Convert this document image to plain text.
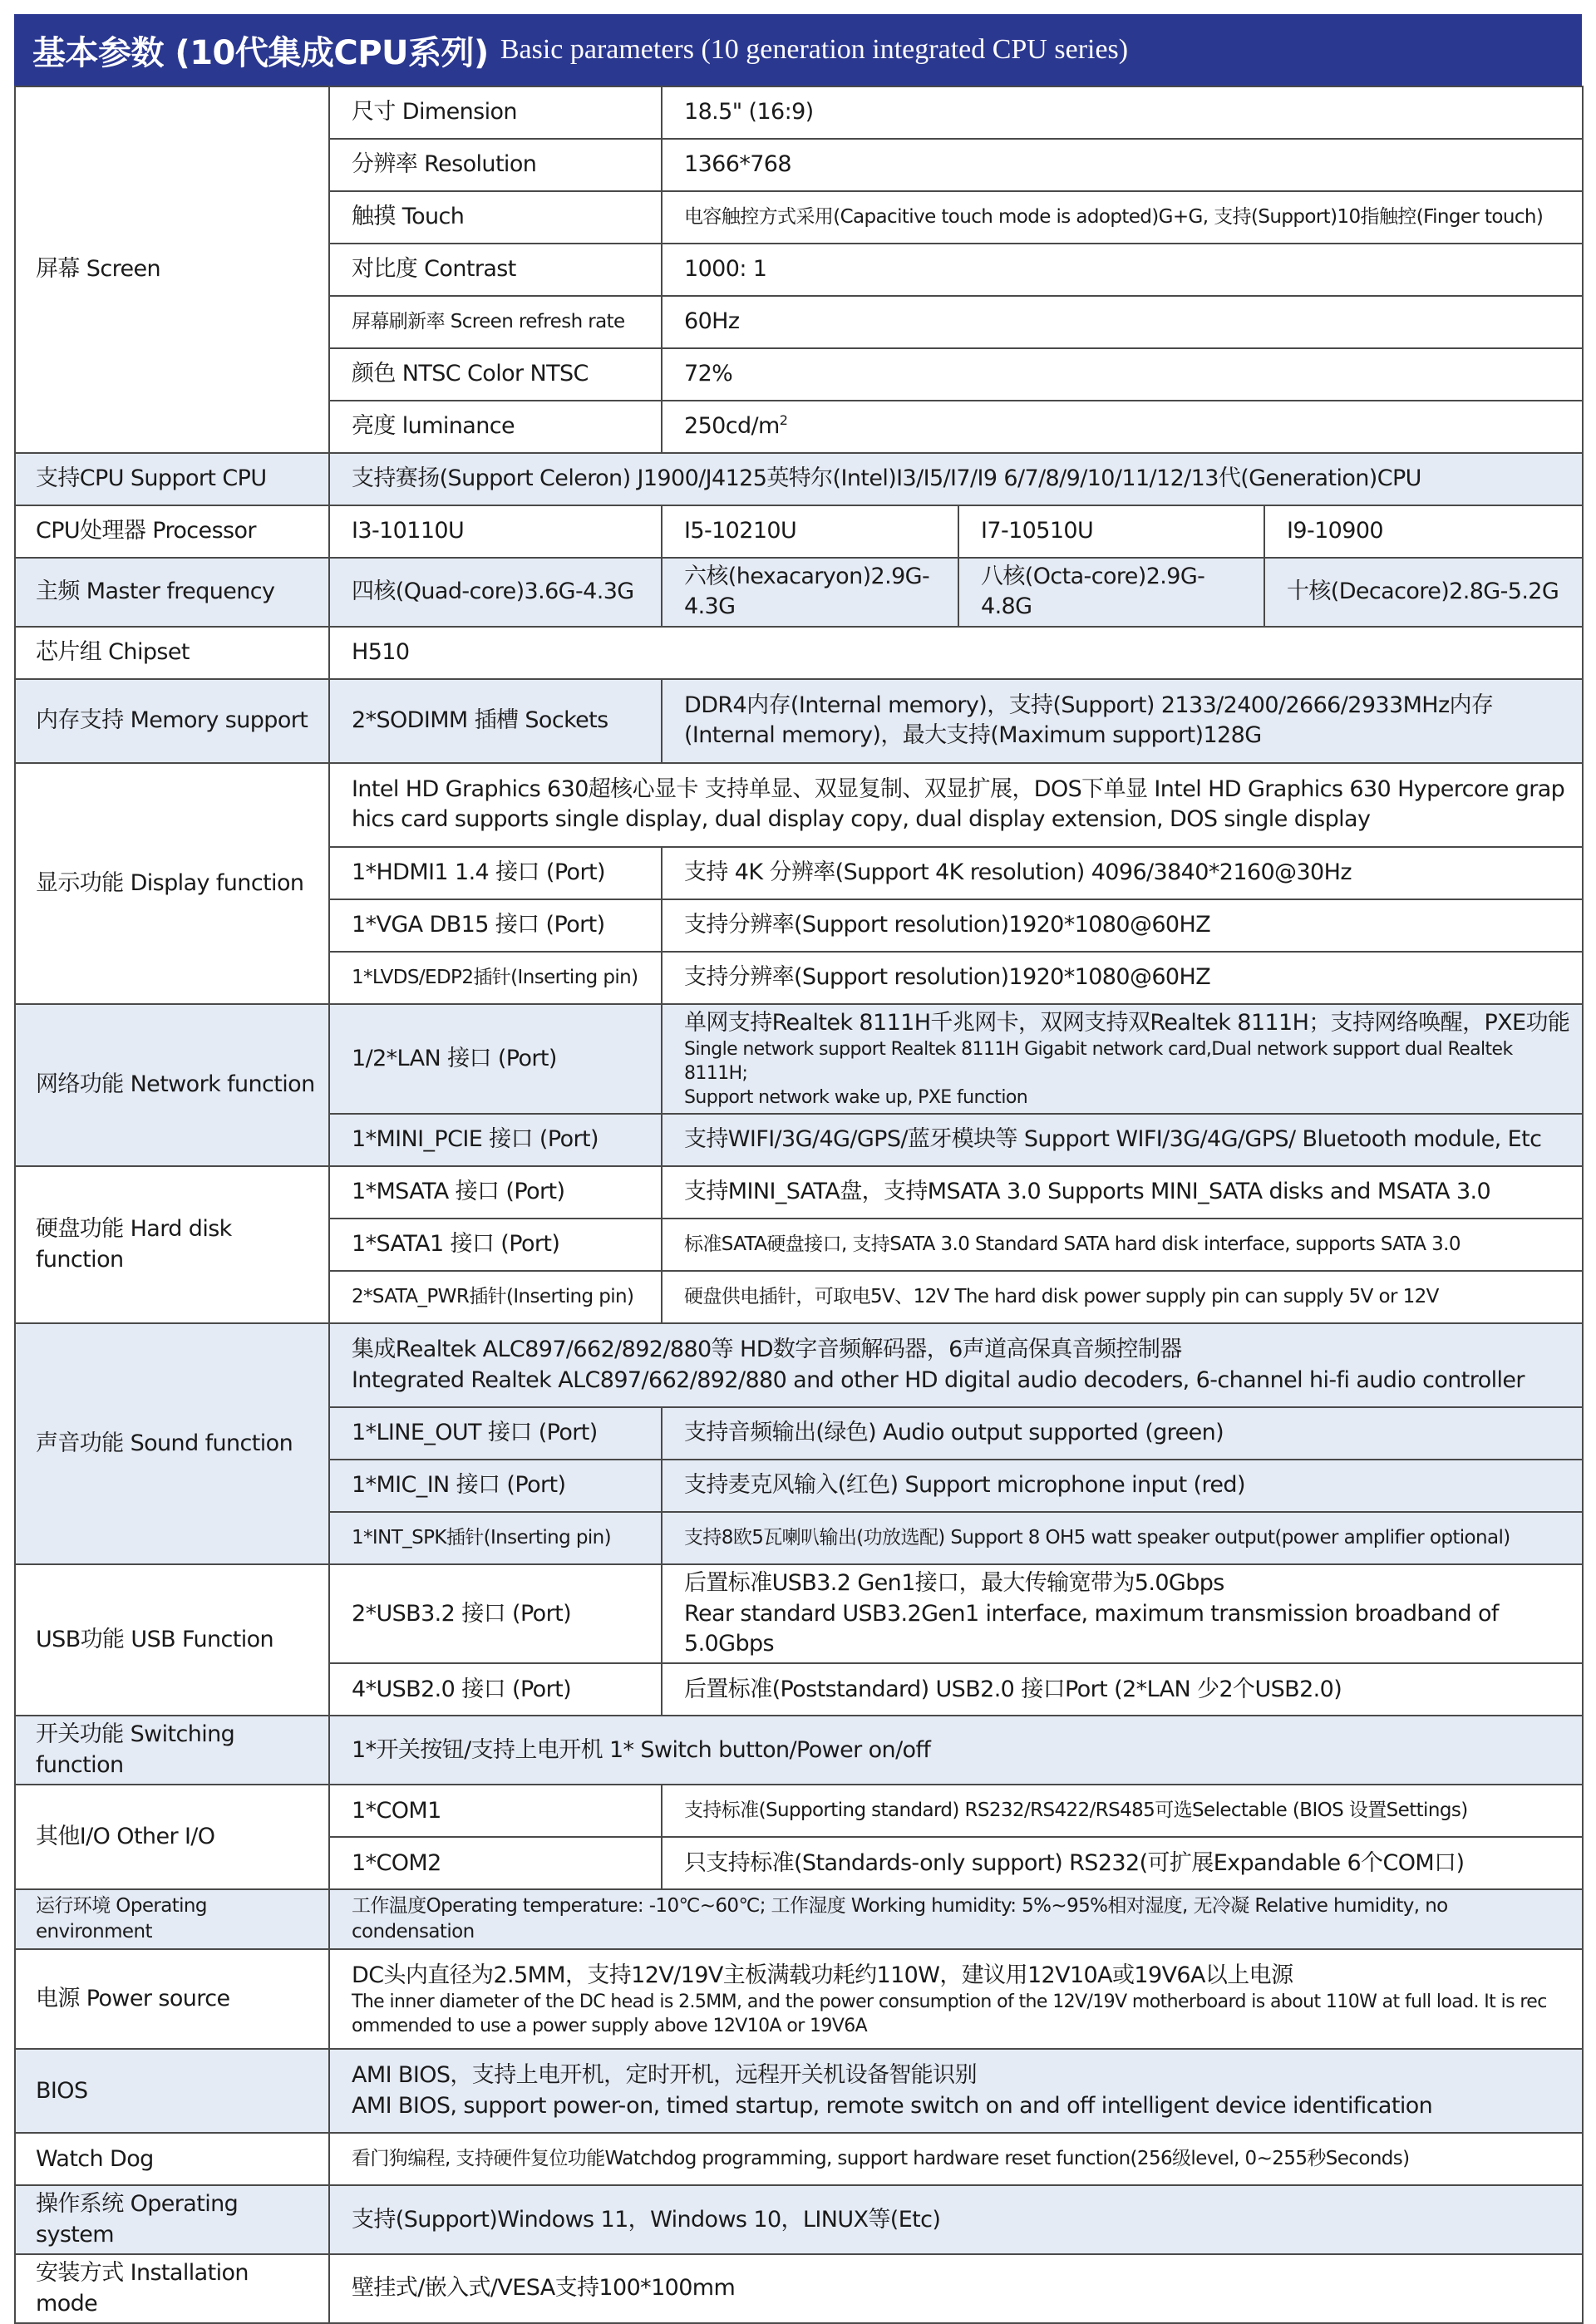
基本参数 (10代集成CPU系列) Basic parameters (10 generation integrated CPU series)
屏幕 Screen	尺寸 Dimension	18.5" (16:9)		
	分辨率 Resolution	1366*768		
	触摸 Touch	电容触控方式采用(Capacitive touch mode is adopted)G+G, 支持(Support)10指触控(Finger touch)		
	对比度 Contrast	1000: 1		
	屏幕刷新率 Screen refresh rate	60Hz		
	颜色 NTSC Color NTSC	72%		
	亮度 luminance	$250cd/m^2$
支持CPU Support CPU	支持赛扬(Support Celeron) J1900/J4125英特尔(Intel)I3/I5/I7/I9 6/7/8/9/10/11/12/13代(Generation)CPU			
CPU处理器 Processor	I3-10110U	I5-10210U	I7-10510U	I9-10900
主频 Master frequency	四核(Quad-core)3.6G-4.3G	六核(hexacaryon)2.9G-4.3G	八核(Octa-core)2.9G-4.8G	十核(Decacore)2.8G-5.2G
芯片组 Chipset	H510			
内存支持 Memory support	2*SODIMM 插槽 Sockets	DDR4内存(Internal memory)，支持(Support) 2133/2400/2666/2933MHz内存(Internal memory)，最大支持(Maximum support)128G		
显示功能 Display function	Intel HD Graphics 630超核心显卡 支持单显、双显复制、双显扩展，DOS下单显 Intel HD Graphics 630 Hypercore grap
hics card supports single display, dual display copy, dual display extension, DOS single display			

	1*HDMI1 1.4 接口 (Port)	支持 4K 分辨率(Support 4K resolution) 4096/3840*2160@30Hz		
	1*VGA DB15 接口 (Port)	支持分辨率(Support resolution)1920*1080@60HZ		
	1*LVDS/EDP2插针(Inserting pin)	支持分辨率(Support resolution)1920*1080@60HZ		
网络功能 Network function	1/2*LAN 接口 (Port)	单网支持Realtek 8111H千兆网卡，双网支持双Realtek 8111H；支持网络唤醒，PXE功能
Single network support Realtek 8111H Gigabit network card,Dual network support dual Realtek 8111H;
Support network wake up, PXE function		

	1*MINI_PCIE 接口 (Port)	支持WIFI/3G/4G/GPS/蓝牙模块等 Support WIFI/3G/4G/GPS/ Bluetooth module, Etc		
硬盘功能 Hard disk function	1*MSATA 接口 (Port)	支持MINI_SATA盘，支持MSATA 3.0 Supports MINI_SATA disks and MSATA 3.0		
	1*SATA1 接口 (Port)	标准SATA硬盘接口, 支持SATA 3.0 Standard SATA hard disk interface, supports SATA 3.0		
	2*SATA_PWR插针(Inserting pin)	硬盘供电插针，可取电5V、12V The hard disk power supply pin can supply 5V or 12V		
声音功能 Sound function	集成Realtek ALC897/662/892/880等 HD数字音频解码器，6声道高保真音频控制器
Integrated Realtek ALC897/662/892/880 and other HD digital audio decoders, 6-channel hi-fi audio controller			

	1*LINE_OUT 接口 (Port)	支持音频输出(绿色) Audio output supported (green)		
	1*MIC_IN 接口 (Port)	支持麦克风输入(红色) Support microphone input (red)		
	1*INT_SPK插针(Inserting pin)	支持8欧5瓦喇叭输出(功放选配) Support 8 OH5 watt speaker output(power amplifier optional)		
USB功能 USB Function	2*USB3.2 接口 (Port)	后置标准USB3.2 Gen1接口，最大传输宽带为5.0Gbps
Rear standard USB3.2Gen1 interface, maximum transmission broadband of 5.0Gbps		

	4*USB2.0 接口 (Port)	后置标准(Poststandard) USB2.0 接口Port (2*LAN 少2个USB2.0)		
开关功能 Switching function	1*开关按钮/支持上电开机 1* Switch button/Power on/off			
其他I/O Other I/O	1*COM1	支持标准(Supporting standard) RS232/RS422/RS485可选Selectable (BIOS 设置Settings)		
	1*COM2	只支持标准(Standards-only support) RS232(可扩展Expandable 6个COM口)		
运行环境 Operating environment	工作温度Operating temperature: -10℃~60℃; 工作湿度 Working humidity: 5%~95%相对湿度, 无冷凝 Relative humidity, no condensation			
电源 Power source	DC头内直径为2.5MM，支持12V/19V主板满载功耗约110W，建议用12V10A或19V6A以上电源
The inner diameter of the DC head is 2.5MM, and the power consumption of the 12V/19V motherboard is about 110W at full load. It is rec
ommended to use a power supply above 12V10A or 19V6A			

BIOS	AMI BIOS，支持上电开机，定时开机，远程开关机设备智能识别
AMI BIOS, support power-on, timed startup, remote switch on and off intelligent device identification			

Watch Dog	看门狗编程, 支持硬件复位功能Watchdog programming, support hardware reset function(256级level, 0~255秒Seconds)			
操作系统 Operating system	支持(Support)Windows 11，Windows 10，LINUX等(Etc)			
安装方式 Installation mode	壁挂式/嵌入式/VESA支持100*100mm			
